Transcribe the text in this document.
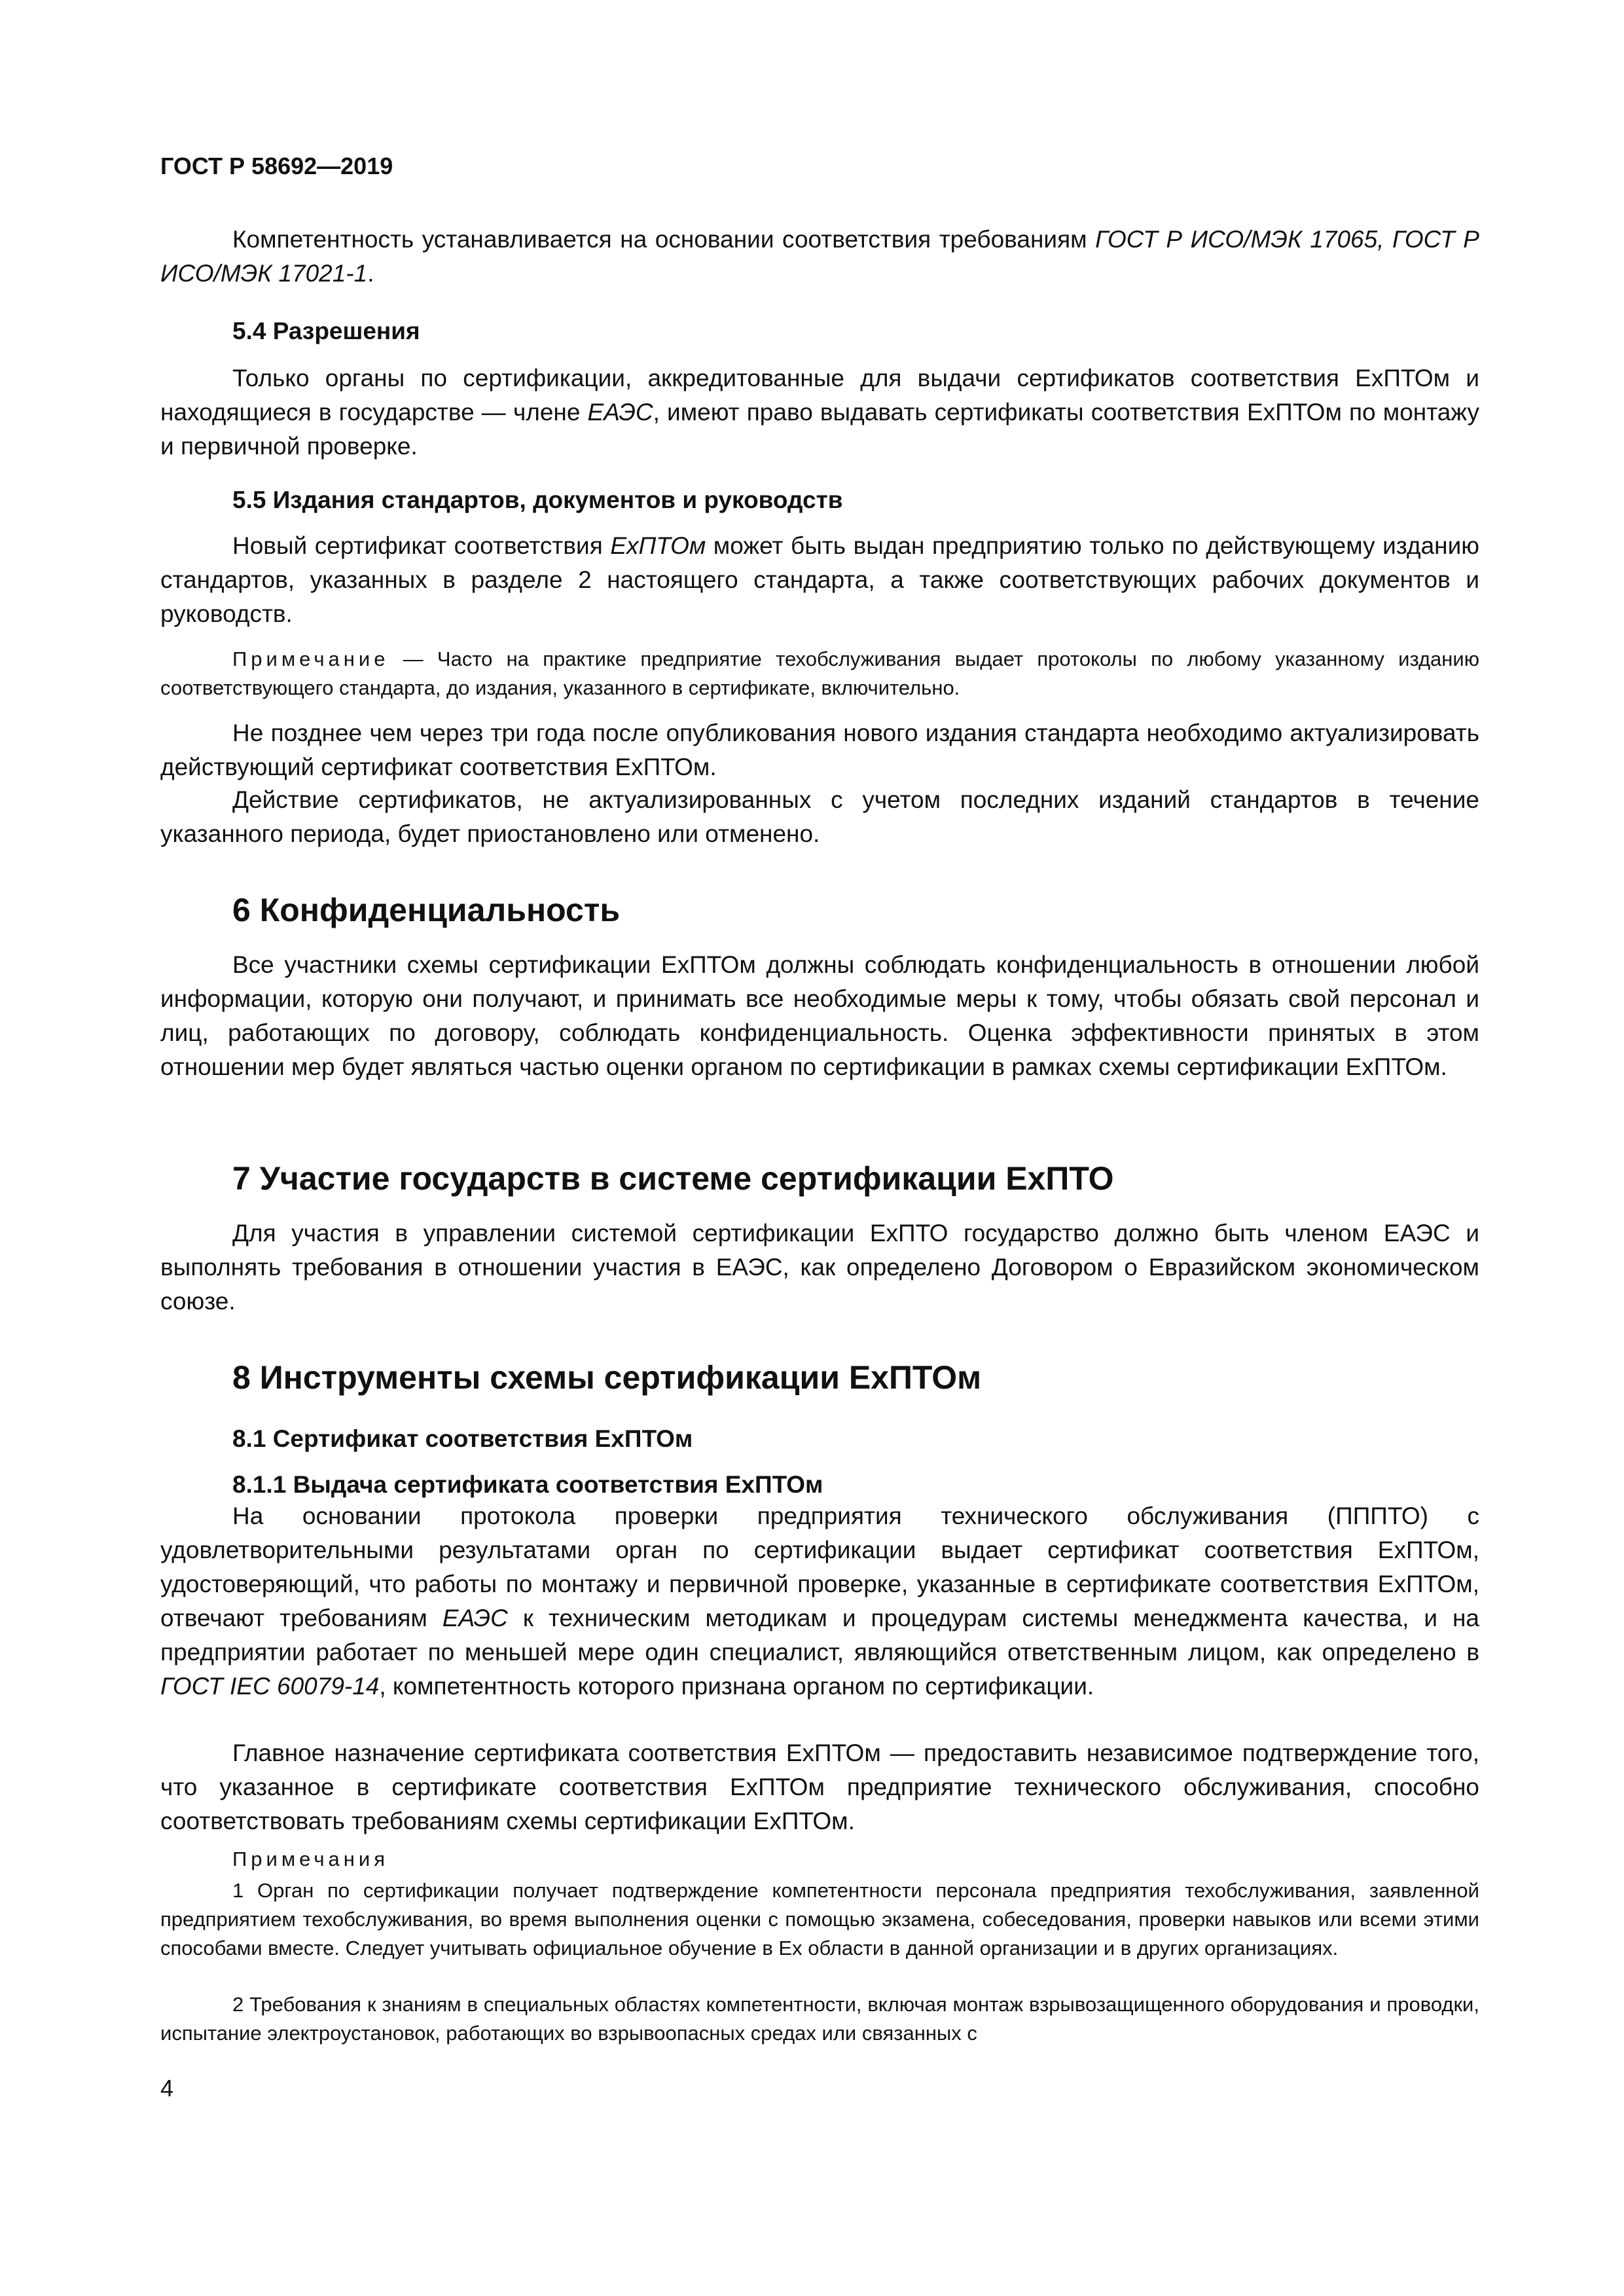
ГОСТ Р 58692—2019

Компетентность устанавливается на основании соответствия требованиям ГОСТ Р ИСО/МЭК 17065, ГОСТ Р ИСО/МЭК 17021-1.

5.4 Разрешения

Только органы по сертификации, аккредитованные для выдачи сертификатов соответствия ExПТОм и находящиеся в государстве — члене ЕАЭС, имеют право выдавать сертификаты соответствия ExПТОм по монтажу и первичной проверке.

5.5 Издания стандартов, документов и руководств

Новый сертификат соответствия ExПТОм может быть выдан предприятию только по действующему изданию стандартов, указанных в разделе 2 настоящего стандарта, а также соответствующих рабочих документов и руководств.

Примечание — Часто на практике предприятие техобслуживания выдает протоколы по любому указанному изданию соответствующего стандарта, до издания, указанного в сертификате, включительно.

Не позднее чем через три года после опубликования нового издания стандарта необходимо актуализировать действующий сертификат соответствия ExПТОм.

Действие сертификатов, не актуализированных с учетом последних изданий стандартов в течение указанного периода, будет приостановлено или отменено.

6 Конфиденциальность

Все участники схемы сертификации ExПТОм должны соблюдать конфиденциальность в отношении любой информации, которую они получают, и принимать все необходимые меры к тому, чтобы обязать свой персонал и лиц, работающих по договору, соблюдать конфиденциальность. Оценка эффективности принятых в этом отношении мер будет являться частью оценки органом по сертификации в рамках схемы сертификации ExПТОм.

7 Участие государств в системе сертификации ExПТО

Для участия в управлении системой сертификации ExПТО государство должно быть членом ЕАЭС и выполнять требования в отношении участия в ЕАЭС, как определено Договором о Евразийском экономическом союзе.

8 Инструменты схемы сертификации ExПТОм

8.1 Сертификат соответствия ExПТОм

8.1.1 Выдача сертификата соответствия ExПТОм

На основании протокола проверки предприятия технического обслуживания (ПППТО) с удовлетворительными результатами орган по сертификации выдает сертификат соответствия ExПТОм, удостоверяющий, что работы по монтажу и первичной проверке, указанные в сертификате соответствия ExПТОм, отвечают требованиям ЕАЭС к техническим методикам и процедурам системы менеджмента качества, и на предприятии работает по меньшей мере один специалист, являющийся ответственным лицом, как определено в ГОСТ IEC 60079-14, компетентность которого признана органом по сертификации.

Главное назначение сертификата соответствия ExПТОм — предоставить независимое подтверждение того, что указанное в сертификате соответствия ExПТОм предприятие технического обслуживания, способно соответствовать требованиям схемы сертификации ExПТОм.

Примечания

1 Орган по сертификации получает подтверждение компетентности персонала предприятия техобслуживания, заявленной предприятием техобслуживания, во время выполнения оценки с помощью экзамена, собеседования, проверки навыков или всеми этими способами вместе. Следует учитывать официальное обучение в Ex области в данной организации и в других организациях.

2 Требования к знаниям в специальных областях компетентности, включая монтаж взрывозащищенного оборудования и проводки, испытание электроустановок, работающих во взрывоопасных средах или связанных с

4
